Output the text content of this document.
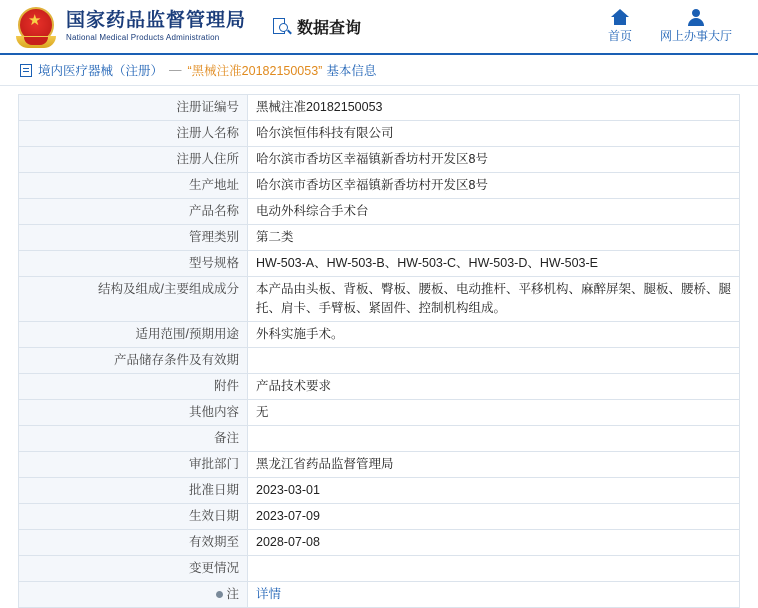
★ 国家药品监督管理局
National Medical Products Administration
数据查询	首页 网上办事大厅
境内医疗器械（注册） — “黑械注准20182150053” 基本信息
注册证编号	黑械注准20182150053
注册人名称	哈尔滨恒伟科技有限公司
注册人住所	哈尔滨市香坊区幸福镇新香坊村开发区8号
生产地址	哈尔滨市香坊区幸福镇新香坊村开发区8号
产品名称	电动外科综合手术台
管理类别	第二类
型号规格	HW-503-A、HW-503-B、HW-503-C、HW-503-D、HW-503-E
结构及组成/主要组成成分	本产品由头板、背板、臀板、腰板、电动推杆、平移机构、麻醉屏架、腿板、腰桥、腿托、肩卡、手臂板、紧固件、控制机构组成。
适用范围/预期用途	外科实施手术。
产品储存条件及有效期	
附件	产品技术要求
其他内容	无
备注	
审批部门	黑龙江省药品监督管理局
批准日期	2023-03-01
生效日期	2023-07-09
有效期至	2028-07-08
变更情况	

注	详情
